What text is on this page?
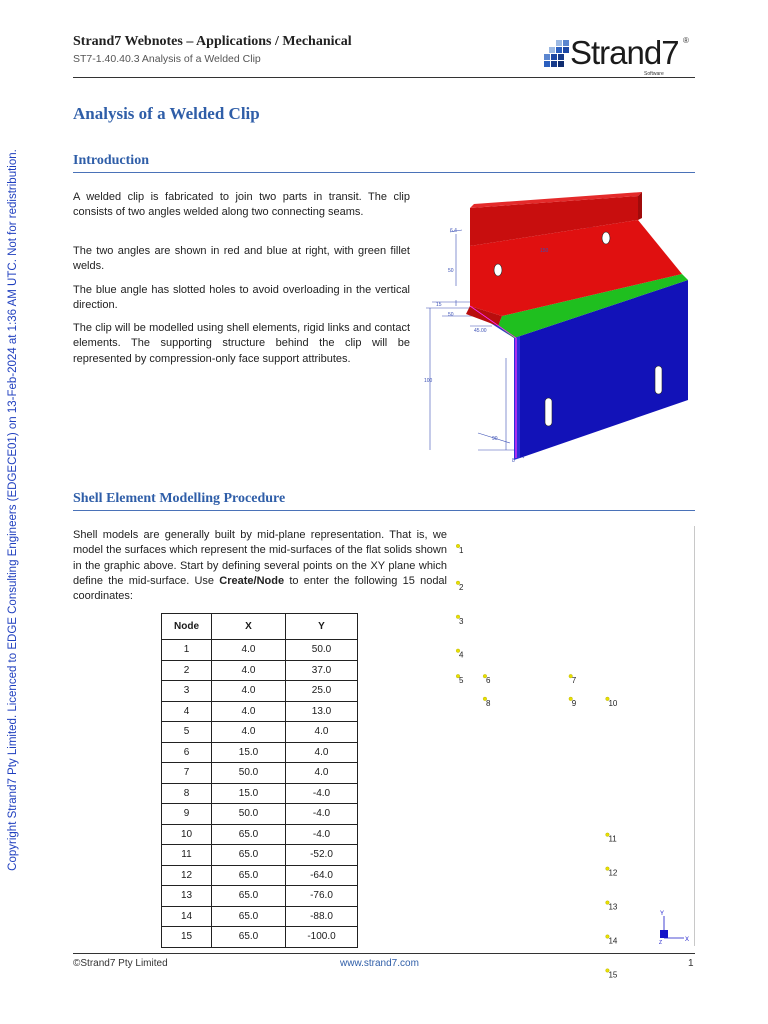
Copyright Strand7 Pty Limited. Licenced to EDGE Consulting Engineers (EDGECE01) on 13-Feb-2024 at 1:36 AM UTC. Not for redistribution.
Strand7 Webnotes – Applications / Mechanical
ST7-1.40.40.3 Analysis of a Welded Clip	Strand7 ®
Software
Analysis of a Welded Clip
Introduction
A welded clip is fabricated to join two parts in transit. The clip consists of two angles welded along two connecting seams.
The two angles are shown in red and blue at right, with green fillet welds.
The blue angle has slotted holes to avoid overloading in the vertical direction.
The clip will be modelled using shell elements, rigid links and contact elements. The supporting structure behind the clip will be represented by compression-only face support attributes.
6.4
50
150
15
50
45.00
100
90
8
Shell Element Modelling Procedure
Shell models are generally built by mid-plane representation. That is, we model the surfaces which represent the mid-surfaces of the flat solids shown in the graphic above. Start by defining several points on the XY plane which define the mid-surface. Use Create/Node to enter the following 15 nodal coordinates:
Node	X	Y
1	4.0	50.0
2	4.0	37.0
3	4.0	25.0
4	4.0	13.0
5	4.0	4.0
6	15.0	4.0
7	50.0	4.0
8	15.0	-4.0
9	50.0	-4.0
10	65.0	-4.0
11	65.0	-52.0
12	65.0	-64.0
13	65.0	-76.0
14	65.0	-88.0
15	65.0	-100.0
1
2
3
4
5	6	7
8	9	10
11
12
13
14
15
Y
X
Z
©Strand7 Pty Limited	www.strand7.com	1
